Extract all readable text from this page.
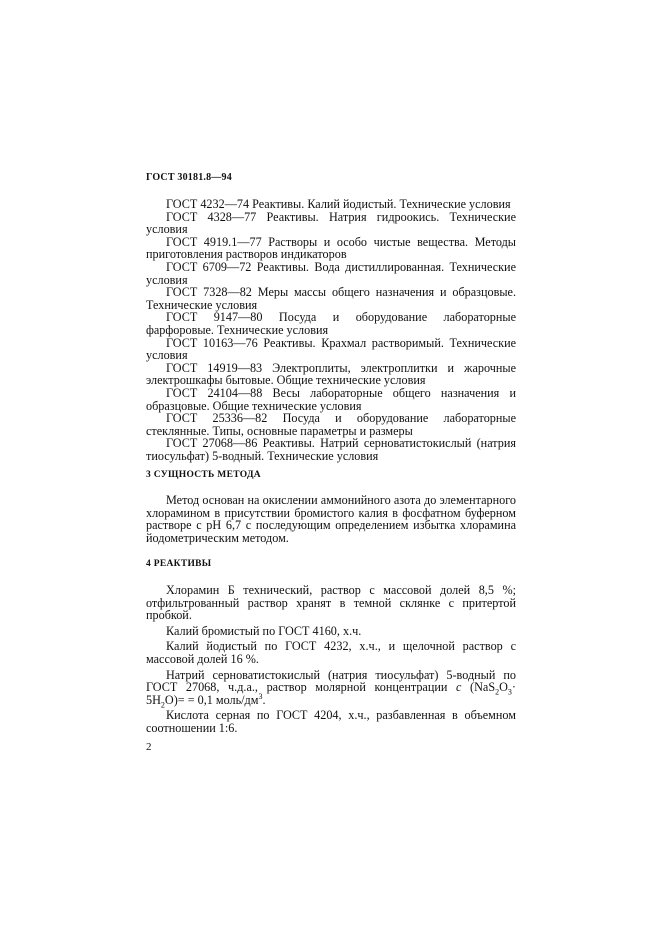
ГОСТ 30181.8—94

ГОСТ 4232—74 Реактивы. Калий йодистый. Технические условия

ГОСТ 4328—77 Реактивы. Натрия гидроокись. Технические условия

ГОСТ 4919.1—77 Растворы и особо чистые вещества. Методы приготовления растворов индикаторов

ГОСТ 6709—72 Реактивы. Вода дистиллированная. Технические условия

ГОСТ 7328—82 Меры массы общего назначения и образцовые. Технические условия

ГОСТ 9147—80 Посуда и оборудование лабораторные фарфоровые. Технические условия

ГОСТ 10163—76 Реактивы. Крахмал растворимый. Технические условия

ГОСТ 14919—83 Электроплиты, электроплитки и жарочные электрошкафы бытовые. Общие технические условия

ГОСТ 24104—88 Весы лабораторные общего назначения и образцовые. Общие технические условия

ГОСТ 25336—82 Посуда и оборудование лабораторные стеклянные. Типы, основные параметры и размеры

ГОСТ 27068—86 Реактивы. Натрий серноватистокислый (натрия тиосульфат) 5-водный. Технические условия

3 СУЩНОСТЬ МЕТОДА

Метод основан на окислении аммонийного азота до элементарного хлорамином в присутствии бромистого калия в фосфатном буферном растворе с pH 6,7 с последующим определением избытка хлорамина йодометрическим методом.

4 РЕАКТИВЫ

Хлорамин Б технический, раствор с массовой долей 8,5 %; отфильтрованный раствор хранят в темной склянке с притертой пробкой.

Калий бромистый по ГОСТ 4160, х.ч.

Калий йодистый по ГОСТ 4232, х.ч., и щелочной раствор с массовой долей 16 %.

Натрий серноватистокислый (натрия тиосульфат) 5-водный по ГОСТ 27068, ч.д.а., раствор молярной концентрации c $(NaS_2O_3\cdot 5H_2O)= = 0,1$ моль/$дм^3$.

Кислота серная по ГОСТ 4204, х.ч., разбавленная в объемном соотношении 1:6.

2
